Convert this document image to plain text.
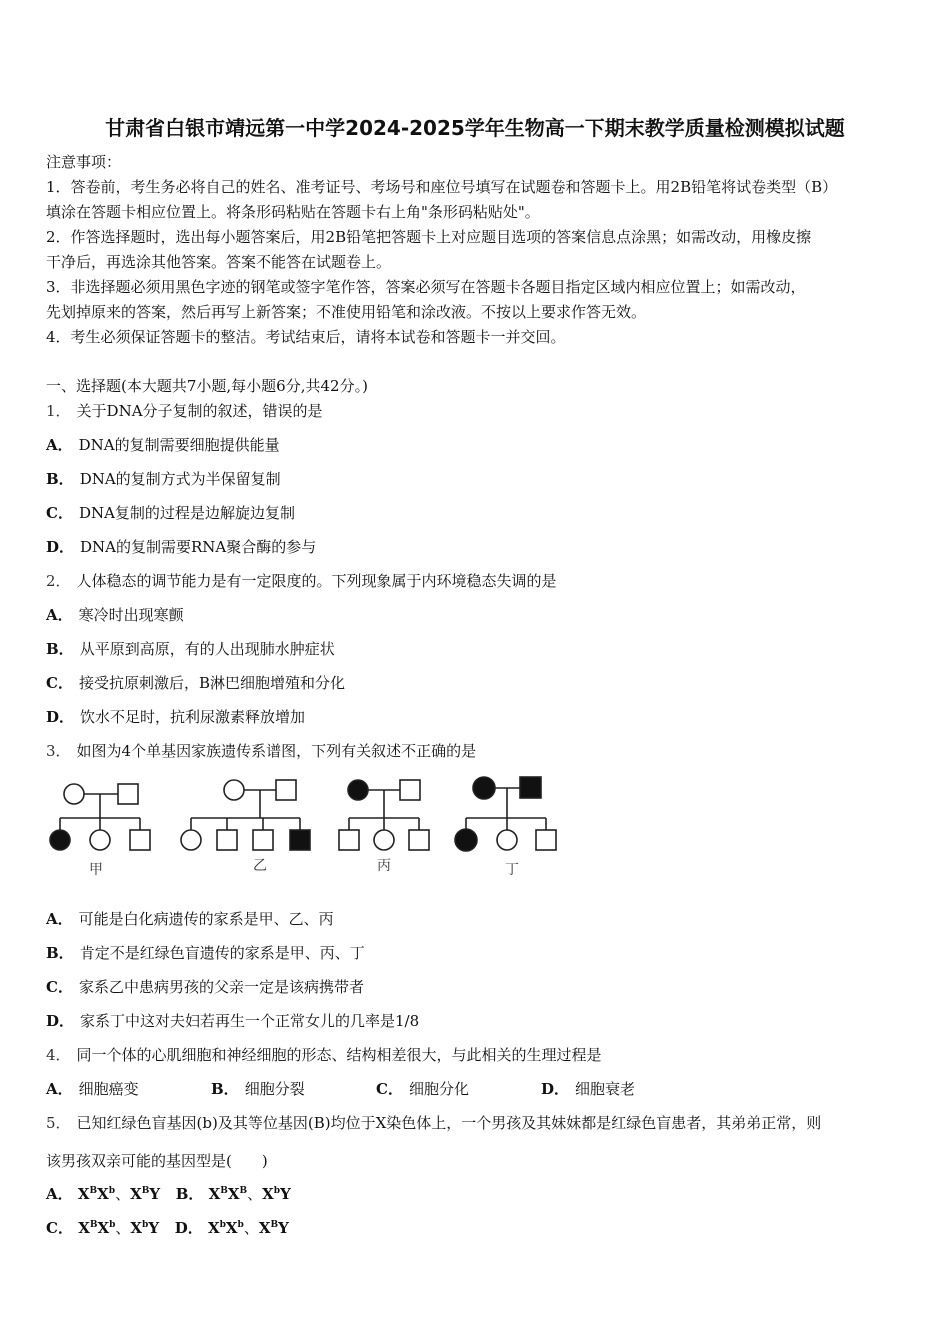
甘肃省白银市靖远第一中学2024-2025学年生物高一下期末教学质量检测模拟试题
注意事项：
1．答卷前，考生务必将自己的姓名、准考证号、考场号和座位号填写在试题卷和答题卡上。用2B铅笔将试卷类型（B）
填涂在答题卡相应位置上。将条形码粘贴在答题卡右上角"条形码粘贴处"。
2．作答选择题时，选出每小题答案后，用2B铅笔把答题卡上对应题目选项的答案信息点涂黑；如需改动，用橡皮擦
干净后，再选涂其他答案。答案不能答在试题卷上。
3．非选择题必须用黑色字迹的钢笔或签字笔作答，答案必须写在答题卡各题目指定区域内相应位置上；如需改动，
先划掉原来的答案，然后再写上新答案；不准使用铅笔和涂改液。不按以上要求作答无效。
4．考生必须保证答题卡的整洁。考试结束后，请将本试卷和答题卡一并交回。
一、选择题(本大题共7小题,每小题6分,共42分。)
1． 关于DNA分子复制的叙述，错误的是
A． DNA的复制需要细胞提供能量
B． DNA的复制方式为半保留复制
C． DNA复制的过程是边解旋边复制
D． DNA的复制需要RNA聚合酶的参与
2． 人体稳态的调节能力是有一定限度的。下列现象属于内环境稳态失调的是
A． 寒冷时出现寒颤
B． 从平原到高原，有的人出现肺水肿症状
C． 接受抗原刺激后，B淋巴细胞增殖和分化
D． 饮水不足时，抗利尿激素释放增加
3． 如图为4个单基因家族遗传系谱图，下列有关叙述不正确的是
甲	乙	丙	丁
A． 可能是白化病遗传的家系是甲、乙、丙
B． 肯定不是红绿色盲遗传的家系是甲、丙、丁
C． 家系乙中患病男孩的父亲一定是该病携带者
D． 家系丁中这对夫妇若再生一个正常女儿的几率是1/8
4． 同一个体的心肌细胞和神经细胞的形态、结构相差很大，与此相关的生理过程是
A． 细胞癌变	B． 细胞分裂	C． 细胞分化	D． 细胞衰老
5． 已知红绿色盲基因(b)及其等位基因(B)均位于X染色体上，一个男孩及其妹妹都是红绿色盲患者，其弟弟正常，则
该男孩双亲可能的基因型是(　　)
A． $X^BX^b$、$X^BY$ B． $X^BX^B$、$X^bY$
C． $X^BX^b$、$X^bY$ D． $X^bX^b$、$X^BY$
